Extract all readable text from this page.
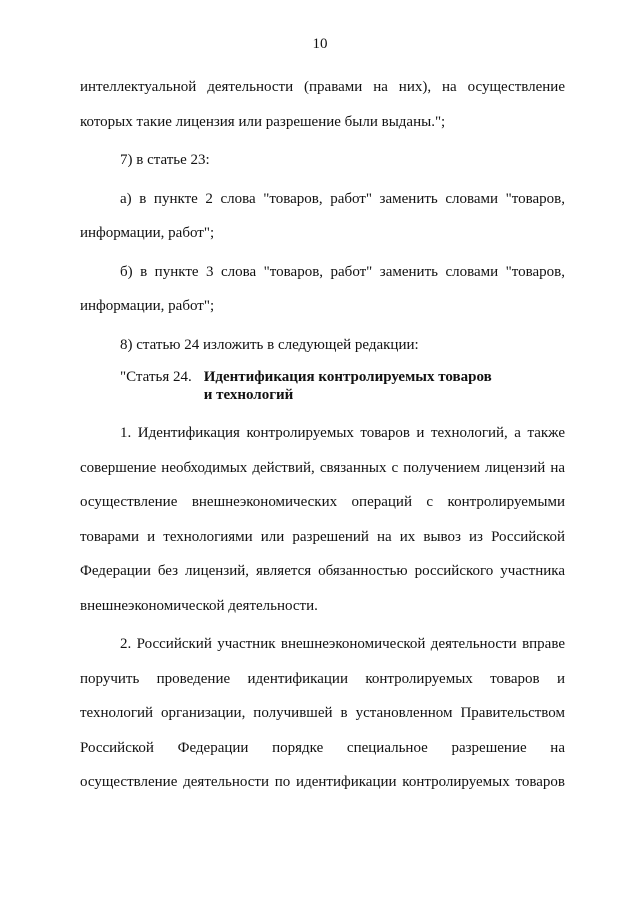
10
интеллектуальной деятельности (правами на них), на осуществление
которых такие лицензия или разрешение были выданы.";
7) в статье 23:
а) в пункте 2 слова "товаров, работ" заменить словами "товаров,
информации, работ";
б) в пункте 3 слова "товаров, работ" заменить словами "товаров,
информации, работ";
8) статью 24 изложить в следующей редакции:
"Статья 24. Идентификация контролируемых товаров
и технологий
1. Идентификация контролируемых товаров и технологий, а также
совершение необходимых действий, связанных с получением лицензий на
осуществление внешнеэкономических операций с контролируемыми
товарами и технологиями или разрешений на их вывоз из Российской
Федерации без лицензий, является обязанностью российского участника
внешнеэкономической деятельности.
2. Российский участник внешнеэкономической деятельности вправе
поручить проведение идентификации контролируемых товаров и
технологий организации, получившей в установленном Правительством
Российской Федерации порядке специальное разрешение на
осуществление деятельности по идентификации контролируемых товаров
